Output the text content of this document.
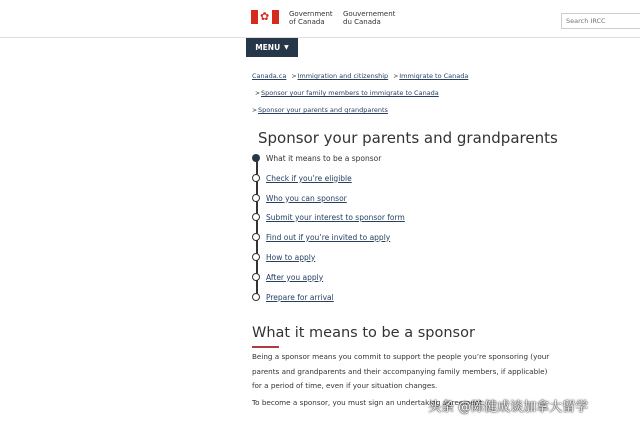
✿	Government
of Canada
Gouvernement
du Canada
Search IRCC
MENU ▼
Canada.ca >Immigration and citizenship >Immigrate to Canada >Sponsor your family members to immigrate to Canada
>Sponsor your parents and grandparents
Sponsor your parents and grandparents
What it means to be a sponsor
Check if you’re eligible
Who you can sponsor
Submit your interest to sponsor form
Find out if you’re invited to apply
How to apply
After you apply
Prepare for arrival
What it means to be a sponsor
Being a sponsor means you commit to support the people you’re sponsoring (your parents and grandparents and their accompanying family members, if applicable) for a period of time, even if your situation changes.
To become a sponsor, you must sign an undertaking agreement.
头条 @陈健成谈加拿大留学
